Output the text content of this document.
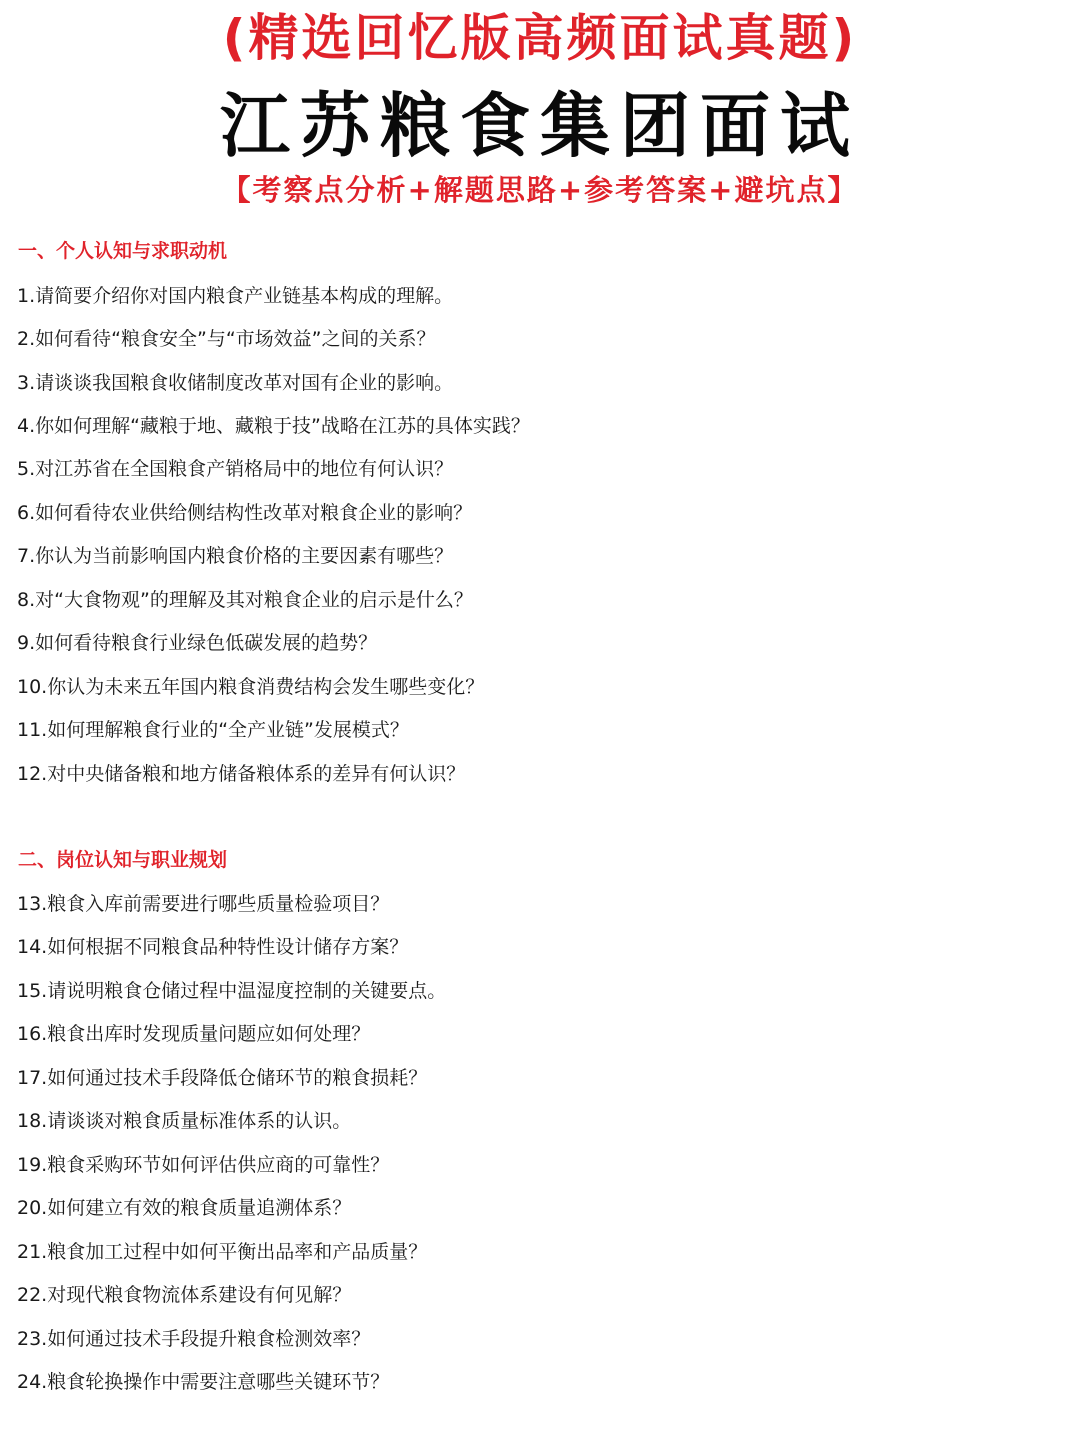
(精选回忆版高频面试真题)
江苏粮食集团面试
【考察点分析+解题思路+参考答案+避坑点】
一、个人认知与求职动机
1.请简要介绍你对国内粮食产业链基本构成的理解。
2.如何看待“粮食安全”与“市场效益”之间的关系？
3.请谈谈我国粮食收储制度改革对国有企业的影响。
4.你如何理解“藏粮于地、藏粮于技”战略在江苏的具体实践？
5.对江苏省在全国粮食产销格局中的地位有何认识？
6.如何看待农业供给侧结构性改革对粮食企业的影响？
7.你认为当前影响国内粮食价格的主要因素有哪些？
8.对“大食物观”的理解及其对粮食企业的启示是什么？
9.如何看待粮食行业绿色低碳发展的趋势？
10.你认为未来五年国内粮食消费结构会发生哪些变化？
11.如何理解粮食行业的“全产业链”发展模式？
12.对中央储备粮和地方储备粮体系的差异有何认识？
二、岗位认知与职业规划
13.粮食入库前需要进行哪些质量检验项目？
14.如何根据不同粮食品种特性设计储存方案？
15.请说明粮食仓储过程中温湿度控制的关键要点。
16.粮食出库时发现质量问题应如何处理？
17.如何通过技术手段降低仓储环节的粮食损耗？
18.请谈谈对粮食质量标准体系的认识。
19.粮食采购环节如何评估供应商的可靠性？
20.如何建立有效的粮食质量追溯体系？
21.粮食加工过程中如何平衡出品率和产品质量？
22.对现代粮食物流体系建设有何见解？
23.如何通过技术手段提升粮食检测效率？
24.粮食轮换操作中需要注意哪些关键环节？
